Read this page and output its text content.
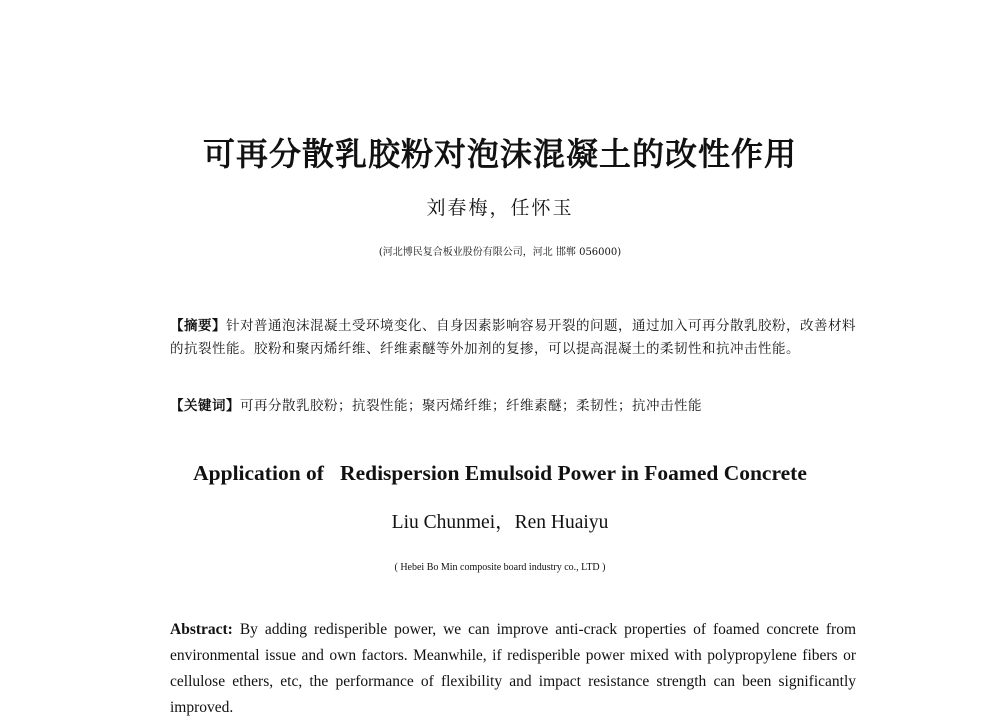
可再分散乳胶粉对泡沫混凝土的改性作用
刘春梅，任怀玉
(河北博民复合板业股份有限公司，河北 邯郸 056000)
【摘要】针对普通泡沫混凝土受环境变化、自身因素影响容易开裂的问题，通过加入可再分散乳胶粉，改善材料的抗裂性能。胶粉和聚丙烯纤维、纤维素醚等外加剂的复掺，可以提高混凝土的柔韧性和抗冲击性能。
【关键词】可再分散乳胶粉；抗裂性能；聚丙烯纤维；纤维素醚；柔韧性；抗冲击性能
Application of   Redispersion Emulsoid Power in Foamed Concrete
Liu Chunmei，Ren Huaiyu
( Hebei Bo Min composite board industry co., LTD )
Abstract: By adding redisperible power, we can improve anti-crack properties of foamed concrete from environmental issue and own factors. Meanwhile, if redisperible power mixed with polypropylene fibers or cellulose ethers, etc, the performance of flexibility and impact resistance strength can been significantly improved.
